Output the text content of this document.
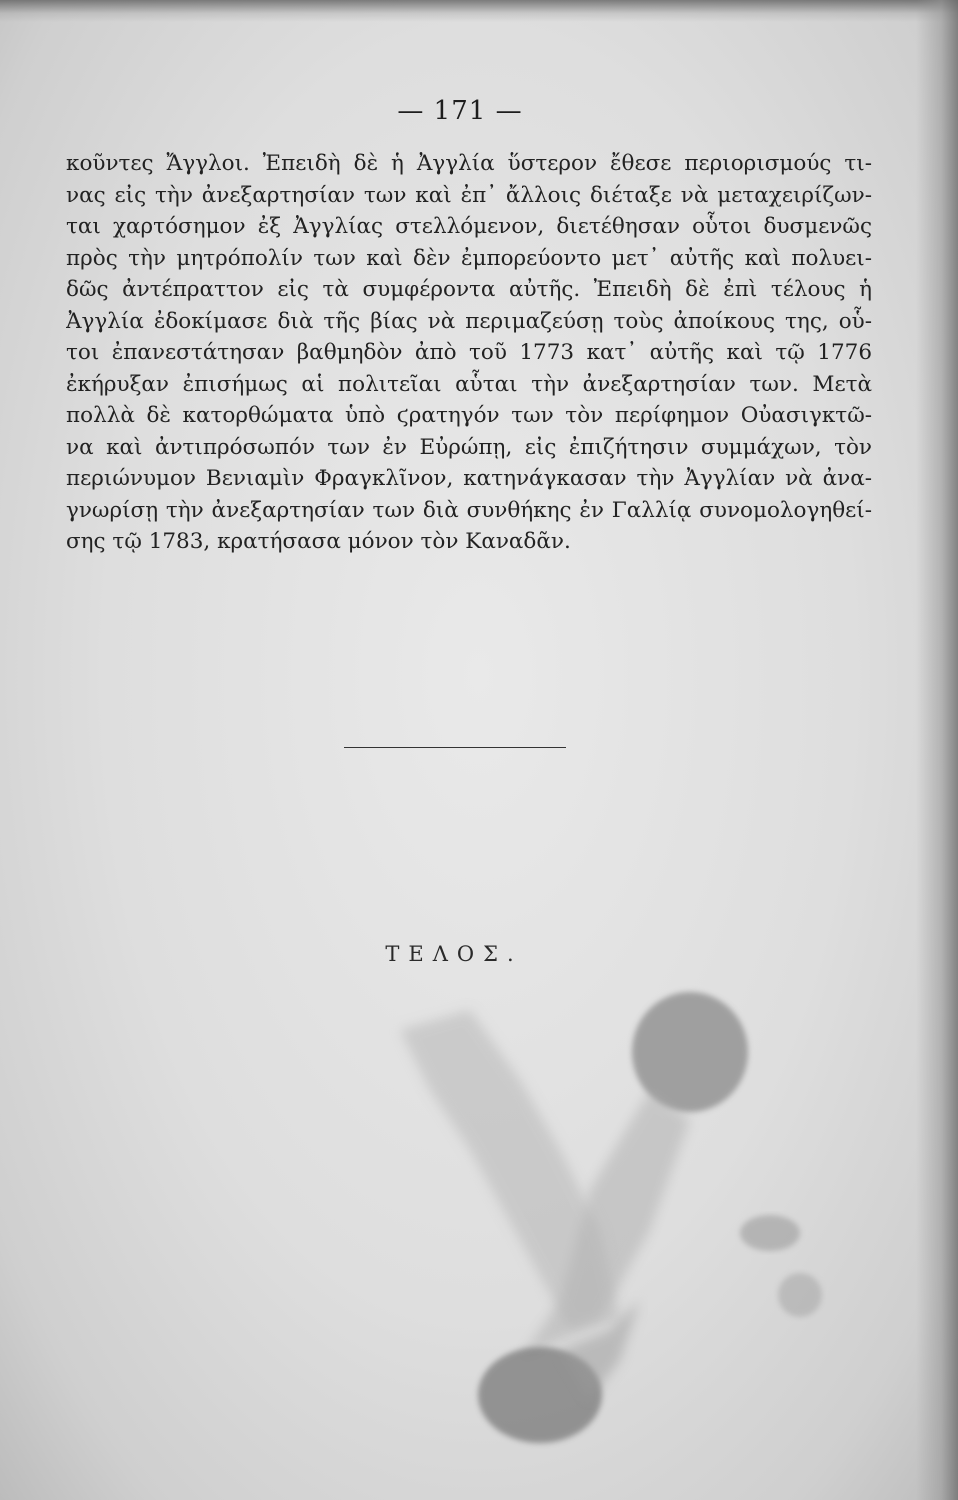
— 171 —
κοῦντες Ἄγγλοι. Ἐπειδὴ δὲ ἡ Ἀγγλία ὕστερον ἔθεσε περιορισμούς τι-
νας εἰς τὴν ἀνεξαρτησίαν των καὶ ἐπ᾽ ἄλλοις διέταξε νὰ μεταχειρίζων-
ται χαρτόσημον ἐξ Ἀγγλίας στελλόμενον, διετέθησαν οὗτοι δυσμενῶς
πρὸς τὴν μητρόπολίν των καὶ δὲν ἐμπορεύοντο μετ᾽ αὐτῆς καὶ πολυει-
δῶς ἀντέπραττον εἰς τὰ συμφέροντα αὐτῆς. Ἐπειδὴ δὲ ἐπὶ τέλους ἡ
Ἀγγλία ἐδοκίμασε διὰ τῆς βίας νὰ περιμαζεύσῃ τοὺς ἀποίκους της, οὗ-
τοι ἐπανεστάτησαν βαθμηδὸν ἀπὸ τοῦ 1773 κατ᾽ αὐτῆς καὶ τῷ 1776
ἐκήρυξαν ἐπισήμως αἱ πολιτεῖαι αὗται τὴν ἀνεξαρτησίαν των. Μετὰ
πολλὰ δὲ κατορθώματα ὑπὸ ϛρατηγόν των τὸν περίφημον Οὐασιγκτῶ-
να καὶ ἀντιπρόσωπόν των ἐν Εὐρώπῃ, εἰς ἐπιζήτησιν συμμάχων, τὸν
περιώνυμον Βενιαμὶν Φραγκλῖνον, κατηνάγκασαν τὴν Ἀγγλίαν νὰ ἀνα-
γνωρίσῃ τὴν ἀνεξαρτησίαν των διὰ συνθήκης ἐν Γαλλίᾳ συνομολογηθεί-
σης τῷ 1783, κρατήσασα μόνον τὸν Καναδᾶν.
ΤΕΛΟΣ.
